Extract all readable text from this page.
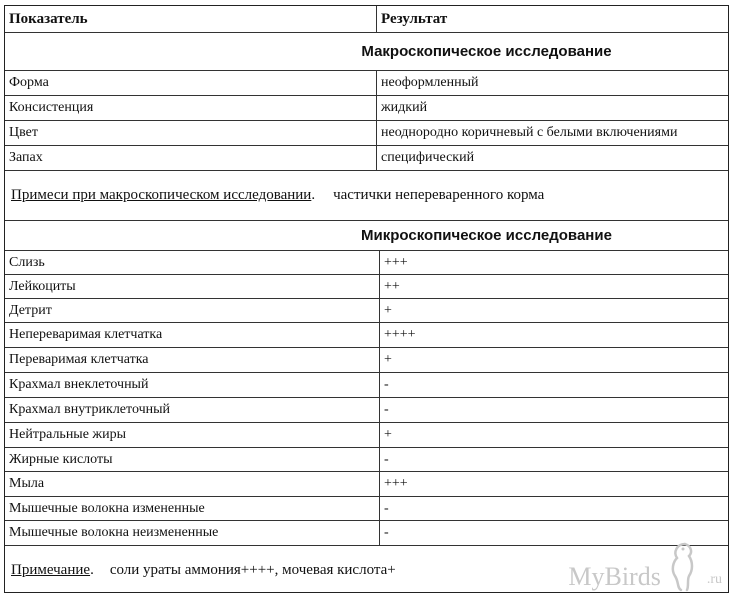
Показатель	Результат
Макроскопическое исследование
Форма	неоформленный
Консистенция	жидкий
Цвет	неоднородно коричневый с белыми включениями
Запах	специфический
Примеси при макроскопическом исследовании . частички непереваренного корма
Микроскопическое исследование
Слизь	+++
Лейкоциты	++
Детрит	+
Непереваримая клетчатка	++++
Переваримая клетчатка	+
Крахмал внеклеточный	-
Крахмал внутриклеточный	-
Нейтральные жиры	+
Жирные кислоты	-
Мыла	+++
Мышечные волокна измененные	-
Мышечные волокна неизмененные	-
Примечание . соли ураты аммония++++, мочевая кислота+	MyBirds	.ru
